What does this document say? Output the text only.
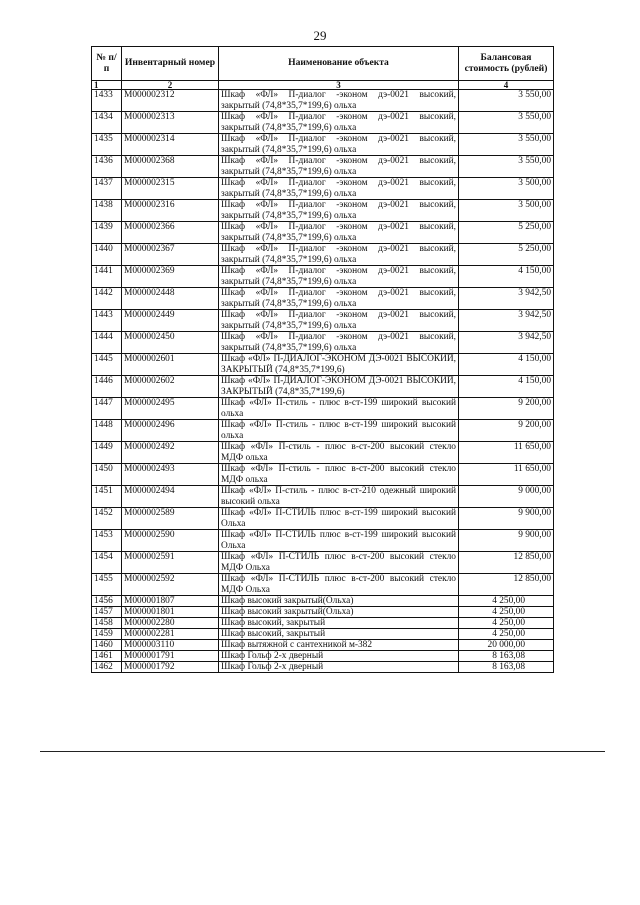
29
№ п/п	Инвентарный номер	Наименование объекта	Балансовая стоимость (рублей)
1	2	3	4
1433	M000002312	Шкаф «ФЛ» П-диалог -эконом дэ-0021 высокий, закрытый (74,8*35,7*199,6) ольха	3 550,00
1434	M000002313	Шкаф «ФЛ» П-диалог -эконом дэ-0021 высокий, закрытый (74,8*35,7*199,6) ольха	3 550,00
1435	M000002314	Шкаф «ФЛ» П-диалог -эконом дэ-0021 высокий, закрытый (74,8*35,7*199,6) ольха	3 550,00
1436	M000002368	Шкаф «ФЛ» П-диалог -эконом дэ-0021 высокий, закрытый (74,8*35,7*199,6) ольха	3 550,00
1437	M000002315	Шкаф «ФЛ» П-диалог -эконом дэ-0021 высокий, закрытый (74,8*35,7*199,6) ольха	3 500,00
1438	M000002316	Шкаф «ФЛ» П-диалог -эконом дэ-0021 высокий, закрытый (74,8*35,7*199,6) ольха	3 500,00
1439	M000002366	Шкаф «ФЛ» П-диалог -эконом дэ-0021 высокий, закрытый (74,8*35,7*199,6) ольха	5 250,00
1440	M000002367	Шкаф «ФЛ» П-диалог -эконом дэ-0021 высокий, закрытый (74,8*35,7*199,6) ольха	5 250,00
1441	M000002369	Шкаф «ФЛ» П-диалог -эконом дэ-0021 высокий, закрытый (74,8*35,7*199,6) ольха	4 150,00
1442	M000002448	Шкаф «ФЛ» П-диалог -эконом дэ-0021 высокий, закрытый (74,8*35,7*199,6) ольха	3 942,50
1443	M000002449	Шкаф «ФЛ» П-диалог -эконом дэ-0021 высокий, закрытый (74,8*35,7*199,6) ольха	3 942,50
1444	M000002450	Шкаф «ФЛ» П-диалог -эконом дэ-0021 высокий, закрытый (74,8*35,7*199,6) ольха	3 942,50
1445	M000002601	Шкаф «ФЛ» П-ДИАЛОГ-ЭКОНОМ ДЭ-0021 ВЫСОКИЙ, ЗАКРЫТЫЙ (74,8*35,7*199,6)	4 150,00
1446	M000002602	Шкаф «ФЛ» П-ДИАЛОГ-ЭКОНОМ ДЭ-0021 ВЫСОКИЙ, ЗАКРЫТЫЙ (74,8*35,7*199,6)	4 150,00
1447	M000002495	Шкаф «ФЛ» П-стиль - плюс в-ст-199 широкий высокий ольха	9 200,00
1448	M000002496	Шкаф «ФЛ» П-стиль - плюс в-ст-199 широкий высокий ольха	9 200,00
1449	M000002492	Шкаф «ФЛ» П-стиль - плюс в-ст-200 высокий стекло МДФ ольха	11 650,00
1450	M000002493	Шкаф «ФЛ» П-стиль - плюс в-ст-200 высокий стекло МДФ ольха	11 650,00
1451	M000002494	Шкаф «ФЛ» П-стиль - плюс в-ст-210 одежный широкий высокий ольха	9 000,00
1452	M000002589	Шкаф «ФЛ» П-СТИЛЬ плюс в-ст-199 широкий высокий Ольха	9 900,00
1453	M000002590	Шкаф «ФЛ» П-СТИЛЬ плюс в-ст-199 широкий высокий Ольха	9 900,00
1454	M000002591	Шкаф «ФЛ» П-СТИЛЬ плюс в-ст-200 высокий стекло МДФ Ольха	12 850,00
1455	M000002592	Шкаф «ФЛ» П-СТИЛЬ плюс в-ст-200 высокий стекло МДФ Ольха	12 850,00
1456	M000001807	Шкаф высокий закрытый(Ольха)	4 250,00
1457	M000001801	Шкаф высокий закрытый(Ольха)	4 250,00
1458	M000002280	Шкаф высокий, закрытый	4 250,00
1459	M000002281	Шкаф высокий, закрытый	4 250,00
1460	M000003110	Шкаф вытяжной с сантехникой м-382	20 000,00
1461	M000001791	Шкаф Гольф 2-х дверный	8 163,08
1462	M000001792	Шкаф Гольф 2-х дверный	8 163,08
